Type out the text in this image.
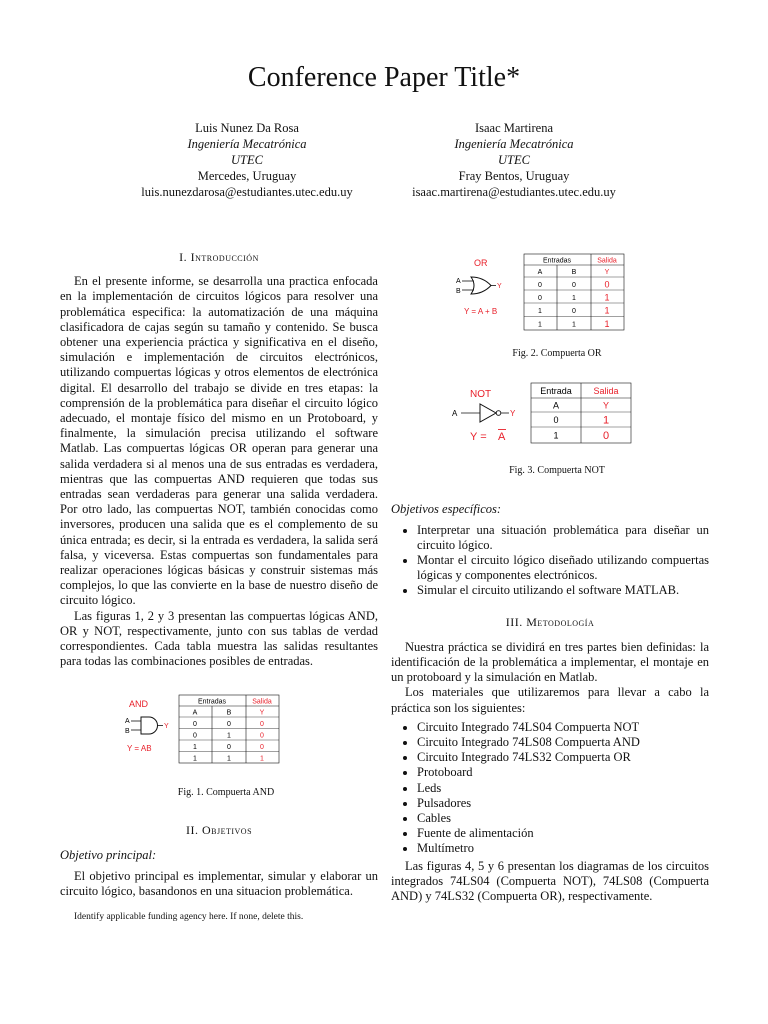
Conference Paper Title*
Luis Nunez Da Rosa
Ingeniería Mecatrónica
UTEC
Mercedes, Uruguay
luis.nunezdarosa@estudiantes.utec.edu.uy
Isaac Martirena
Ingeniería Mecatrónica
UTEC
Fray Bentos, Uruguay
isaac.martirena@estudiantes.utec.edu.uy

I. Introducción

En el presente informe, se desarrolla una practica enfocada en la implementación de circuitos lógicos para resolver una problemática especifica: la automatización de una máquina clasificadora de cajas según su tamaño y contenido. Se busca obtener una experiencia práctica y significativa en el diseño, simulación e implementación de circuitos electrónicos, utilizando compuertas lógicas y otros elementos de electrónica digital. El desarrollo del trabajo se divide en tres etapas: la comprensión de la problemática para diseñar el circuito lógico adecuado, el montaje físico del mismo en un Protoboard, y finalmente, la simulación precisa utilizando el software Matlab. Las compuertas lógicas OR operan para generar una salida verdadera si al menos una de sus entradas es verdadera, mientras que las compuertas AND requieren que todas sus entradas sean verdaderas para generar una salida verdadera. Por otro lado, las compuertas NOT, también conocidas como inversores, producen una salida que es el complemento de su única entrada; es decir, si la entrada es verdadera, la salida será falsa, y viceversa. Estas compuertas son fundamentales para realizar operaciones lógicas básicas y construir sistemas más complejos, lo que las convierte en la base de nuestro diseño de circuito lógico.

Las figuras 1, 2 y 3 presentan las compuertas lógicas AND, OR y NOT, respectivamente, junto con sus tablas de verdad correspondientes. Cada tabla muestra las salidas resultantes para todas las combinaciones posibles de entradas.

AND
A
B
Y
Y = AB
Entradas	Salida
A	B	Y
0	0	0
0	1	0
1	0	0
1	1	1

Fig. 1. Compuerta AND

II. Objetivos

Objetivo principal:

El objetivo principal es implementar, simular y elaborar un circuito lógico, basandonos en una situacion problemática.

Identify applicable funding agency here. If none, delete this.

OR
A
B
Y
Y = A + B
Entradas	Salida
A	B	Y
0	0	0
0	1	1
1	0	1
1	1	1

Fig. 2. Compuerta OR

NOT
A	Y
Y = A
Entrada Salida
A	Y
0	1
1	0

Fig. 3. Compuerta NOT

Objetivos específicos:

• Interpretar una situación problemática para diseñar un circuito lógico.
• Montar el circuito lógico diseñado utilizando compuertas lógicas y componentes electrónicos.
• Simular el circuito utilizando el software MATLAB.

III. Metodología

Nuestra práctica se dividirá en tres partes bien definidas: la identificación de la problemática a implementar, el montaje en un protoboard y la simulación en Matlab.

Los materiales que utilizaremos para llevar a cabo la práctica son los siguientes:

• Circuito Integrado 74LS04 Compuerta NOT
• Circuito Integrado 74LS08 Compuerta AND
• Circuito Integrado 74LS32 Compuerta OR
• Protoboard
• Leds
• Pulsadores
• Cables
• Fuente de alimentación
• Multímetro

Las figuras 4, 5 y 6 presentan los diagramas de los circuitos integrados 74LS04 (Compuerta NOT), 74LS08 (Compuerta AND) y 74LS32 (Compuerta OR), respectivamente.
